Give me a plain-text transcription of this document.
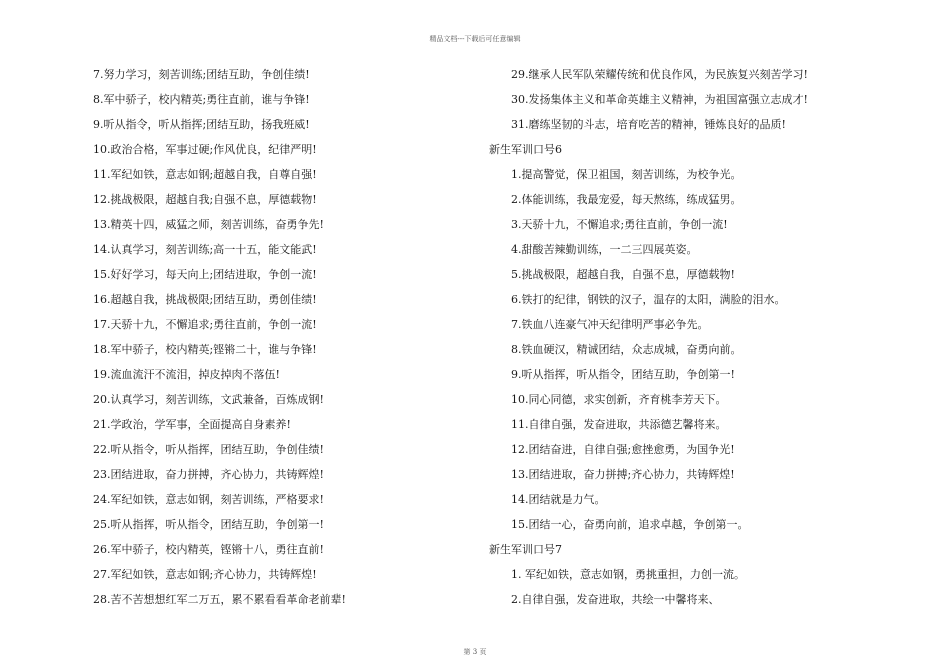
精品文档---下载后可任意编辑
7.努力学习，刻苦训练;团结互助，争创佳绩!
8.军中骄子，校内精英;勇往直前，谁与争锋!
9.听从指令，听从指挥;团结互助，扬我班威!
10.政治合格，军事过硬;作风优良，纪律严明!
11.军纪如铁，意志如钢;超越自我，自尊自强!
12.挑战极限，超越自我;自强不息，厚德载物!
13.精英十四，威猛之师，刻苦训练，奋勇争先!
14.认真学习，刻苦训练;高一十五，能文能武!
15.好好学习，每天向上;团结进取，争创一流!
16.超越自我，挑战极限;团结互助，勇创佳绩!
17.天骄十九，不懈追求;勇往直前，争创一流!
18.军中骄子，校内精英;铿锵二十，谁与争锋!
19.流血流汗不流泪，掉皮掉肉不落伍!
20.认真学习，刻苦训练，文武兼备，百炼成钢!
21.学政治，学军事，全面提高自身素养!
22.听从指令，听从指挥，团结互助，争创佳绩!
23.团结进取，奋力拼搏，齐心协力，共铸辉煌!
24.军纪如铁，意志如钢，刻苦训练，严格要求!
25.听从指挥，听从指令，团结互助，争创第一!
26.军中骄子，校内精英，铿锵十八，勇往直前!
27.军纪如铁，意志如钢;齐心协力，共铸辉煌!
28.苦不苦想想红军二万五，累不累看看革命老前辈!
29.继承人民军队荣耀传统和优良作风，为民族复兴刻苦学习!
30.发扬集体主义和革命英雄主义精神，为祖国富强立志成才!
31.磨练坚韧的斗志，培育吃苦的精神，锤炼良好的品质!
新生军训口号6
1.提高警觉，保卫祖国，刻苦训练，为校争光。
2.体能训练，我最宠爱，每天熬练，练成猛男。
3.天骄十九，不懈追求;勇往直前，争创一流!
4.甜酸苦辣勤训练，一二三四展英姿。
5.挑战极限，超越自我，自强不息，厚德载物!
6.铁打的纪律，钢铁的汉子，温存的太阳，满脸的泪水。
7.铁血八连豪气冲天纪律明严事必争先。
8.铁血硬汉，精诚团结，众志成城，奋勇向前。
9.听从指挥，听从指令，团结互助，争创第一!
10.同心同德，求实创新，齐育桃李芳天下。
11.自律自强，发奋进取，共添德艺馨将来。
12.团结奋进，自律自强;愈挫愈勇，为国争光!
13.团结进取，奋力拼搏;齐心协力，共铸辉煌!
14.团结就是力气。
15.团结一心，奋勇向前，追求卓越，争创第一。
新生军训口号7
1. 军纪如铁，意志如钢，勇挑重担，力创一流。
2.自律自强，发奋进取，共绘一中馨将来、
第 3 页
